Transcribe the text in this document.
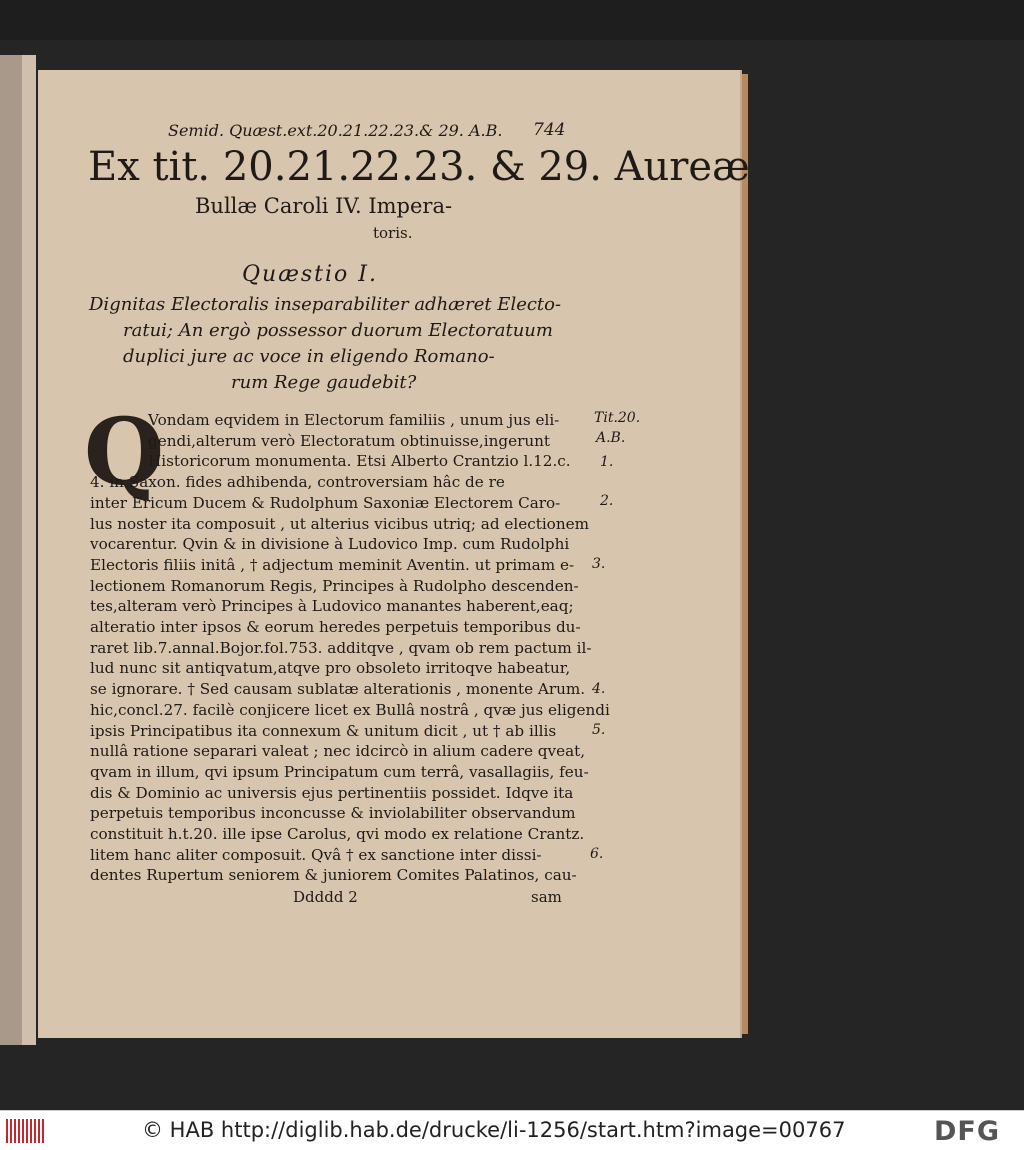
Semid. Quæst.ext.20.21.22.23.& 29. A.B. 744
Ex tit. 20.21.22.23. & 29. Aureæ
Bullæ Caroli IV. Impera-
toris.
Quæstio I.
Dignitas Electoralis inseparabiliter adhæret Electo-
ratui; An ergò possessor duorum Electoratuum
duplici jure ac voce in eligendo Romano-
rum Rege gaudebit?
Q
Vondam eqvidem in Electorum familiis , unum jus eli-
gendi,alterum verò Electoratum obtinuisse,ingerunt
Historicorum monumenta. Etsi Alberto Crantzio l.12.c.
4. in Saxon. fides adhibenda, controversiam hâc de re
inter Ericum Ducem & Rudolphum Saxoniæ Electorem Caro-
lus noster ita composuit , ut alterius vicibus utriq; ad electionem
vocarentur. Qvin & in divisione à Ludovico Imp. cum Rudolphi
Electoris filiis initâ , † adjectum meminit Aventin. ut primam e-
lectionem Romanorum Regis, Principes à Rudolpho descenden-
tes,alteram verò Principes à Ludovico manantes haberent,eaq;
alteratio inter ipsos & eorum heredes perpetuis temporibus du-
raret lib.7.annal.Bojor.fol.753. additqve , qvam ob rem pactum il-
lud nunc sit antiqvatum,atqve pro obsoleto irritoqve habeatur,
se ignorare. † Sed causam sublatæ alterationis , monente Arum.
hic,concl.27. facilè conjicere licet ex Bullâ nostrâ , qvæ jus eligendi
ipsis Principatibus ita connexum & unitum dicit , ut † ab illis
nullâ ratione separari valeat ; nec idcircò in alium cadere qveat,
qvam in illum, qvi ipsum Principatum cum terrâ, vasallagiis, feu-
dis & Dominio ac universis ejus pertinentiis possidet. Idqve ita
perpetuis temporibus inconcusse & inviolabiliter observandum
constituit h.t.20. ille ipse Carolus, qvi modo ex relatione Crantz.
litem hanc aliter composuit. Qvâ † ex sanctione inter dissi-
dentes Rupertum seniorem & juniorem Comites Palatinos, cau-
Ddddd 2	sam
Tit.20.
A.B.
1.
2.
3.
4.
5.
6.
© HAB http://diglib.hab.de/drucke/li-1256/start.htm?image=00767	DFG
